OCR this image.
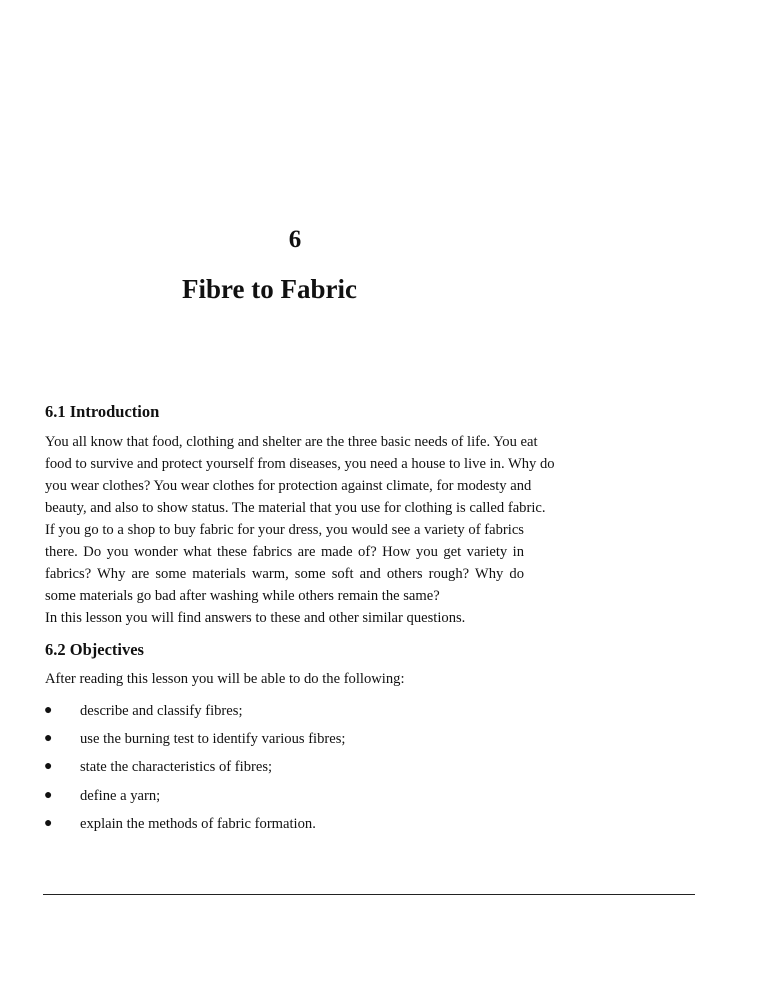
6
Fibre to Fabric
6.1 Introduction
You all know that food, clothing and shelter are the three basic needs of life. You eat
food to survive and protect yourself from diseases, you need a house to live in. Why do
you wear clothes? You wear clothes for protection against climate, for modesty and
beauty, and also to show status. The material that you use for clothing is called fabric.
If you go to a shop to buy fabric for your dress, you would see a variety of fabrics
there. Do you wonder what these fabrics are made of? How you get variety in
fabrics? Why are some materials warm, some soft and others rough? Why do
some materials go bad after washing while others remain the same?
In this lesson you will find answers to these and other similar questions.
6.2 Objectives
After reading this lesson you will be able to do the following:
● describe and classify fibres;
● use the burning test to identify various fibres;
● state the characteristics of fibres;
● define a yarn;
● explain the methods of fabric formation.
